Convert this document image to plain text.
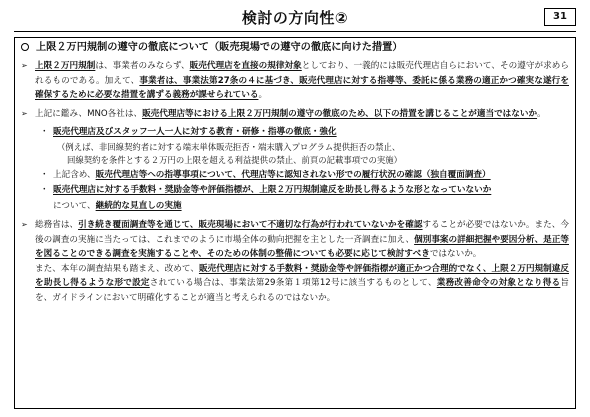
検討の方向性②	31
上限２万円規制の遵守の徹底について（販売現場での遵守の徹底に向けた措置）
➢ 上限２万円規制は、事業者のみならず、販売代理店を直接の規律対象としており、一義的には販売代理店自らにおいて、その遵守が求められるものである。加えて、事業者は、事業法第27条の４に基づき、販売代理店に対する指導等、委託に係る業務の適正かつ確実な遂行を確保するために必要な措置を講ずる義務が課せられている。
➢ 上記に鑑み、MNO各社は、販売代理店等における上限２万円規制の遵守の徹底のため、以下の措置を講じることが適当ではないか。
・ 販売代理店及びスタッフ一人一人に対する教育・研修・指導の徹底・強化
（例えば、非回線契約者に対する端末単体販売拒否・端末購入プログラム提供拒否の禁止、
回線契約を条件とする２万円の上限を超える利益提供の禁止、前頁の記載事項での実施）
・ 上記含め、販売代理店等への指導事項について、代理店等に認知されない形での履行状況の確認（独自覆面調査）
・ 販売代理店に対する手数料・奨励金等や評価指標が、上限２万円規制違反を助長し得るような形となっていないか
について、継続的な見直しの実施
➢ 総務省は、引き続き覆面調査等を通じて、販売現場において不適切な行為が行われていないかを確認することが必要ではないか。また、今後の調査の実施に当たっては、これまでのように市場全体の動向把握を主とした一斉調査に加え、個別事案の詳細把握や要因分析、是正等を図ることのできる調査を実施することや、そのための体制の整備についても必要に応じて検討すべきではないか。
また、本年の調査結果も踏まえ、改めて、販売代理店に対する手数料・奨励金等や評価指標が適正かつ合理的でなく、上限２万円規制違反を助長し得るような形で設定されている場合は、事業法第29条第１項第12号に該当するものとして、業務改善命令の対象となり得る旨を、ガイドラインにおいて明確化することが適当と考えられるのではないか。
